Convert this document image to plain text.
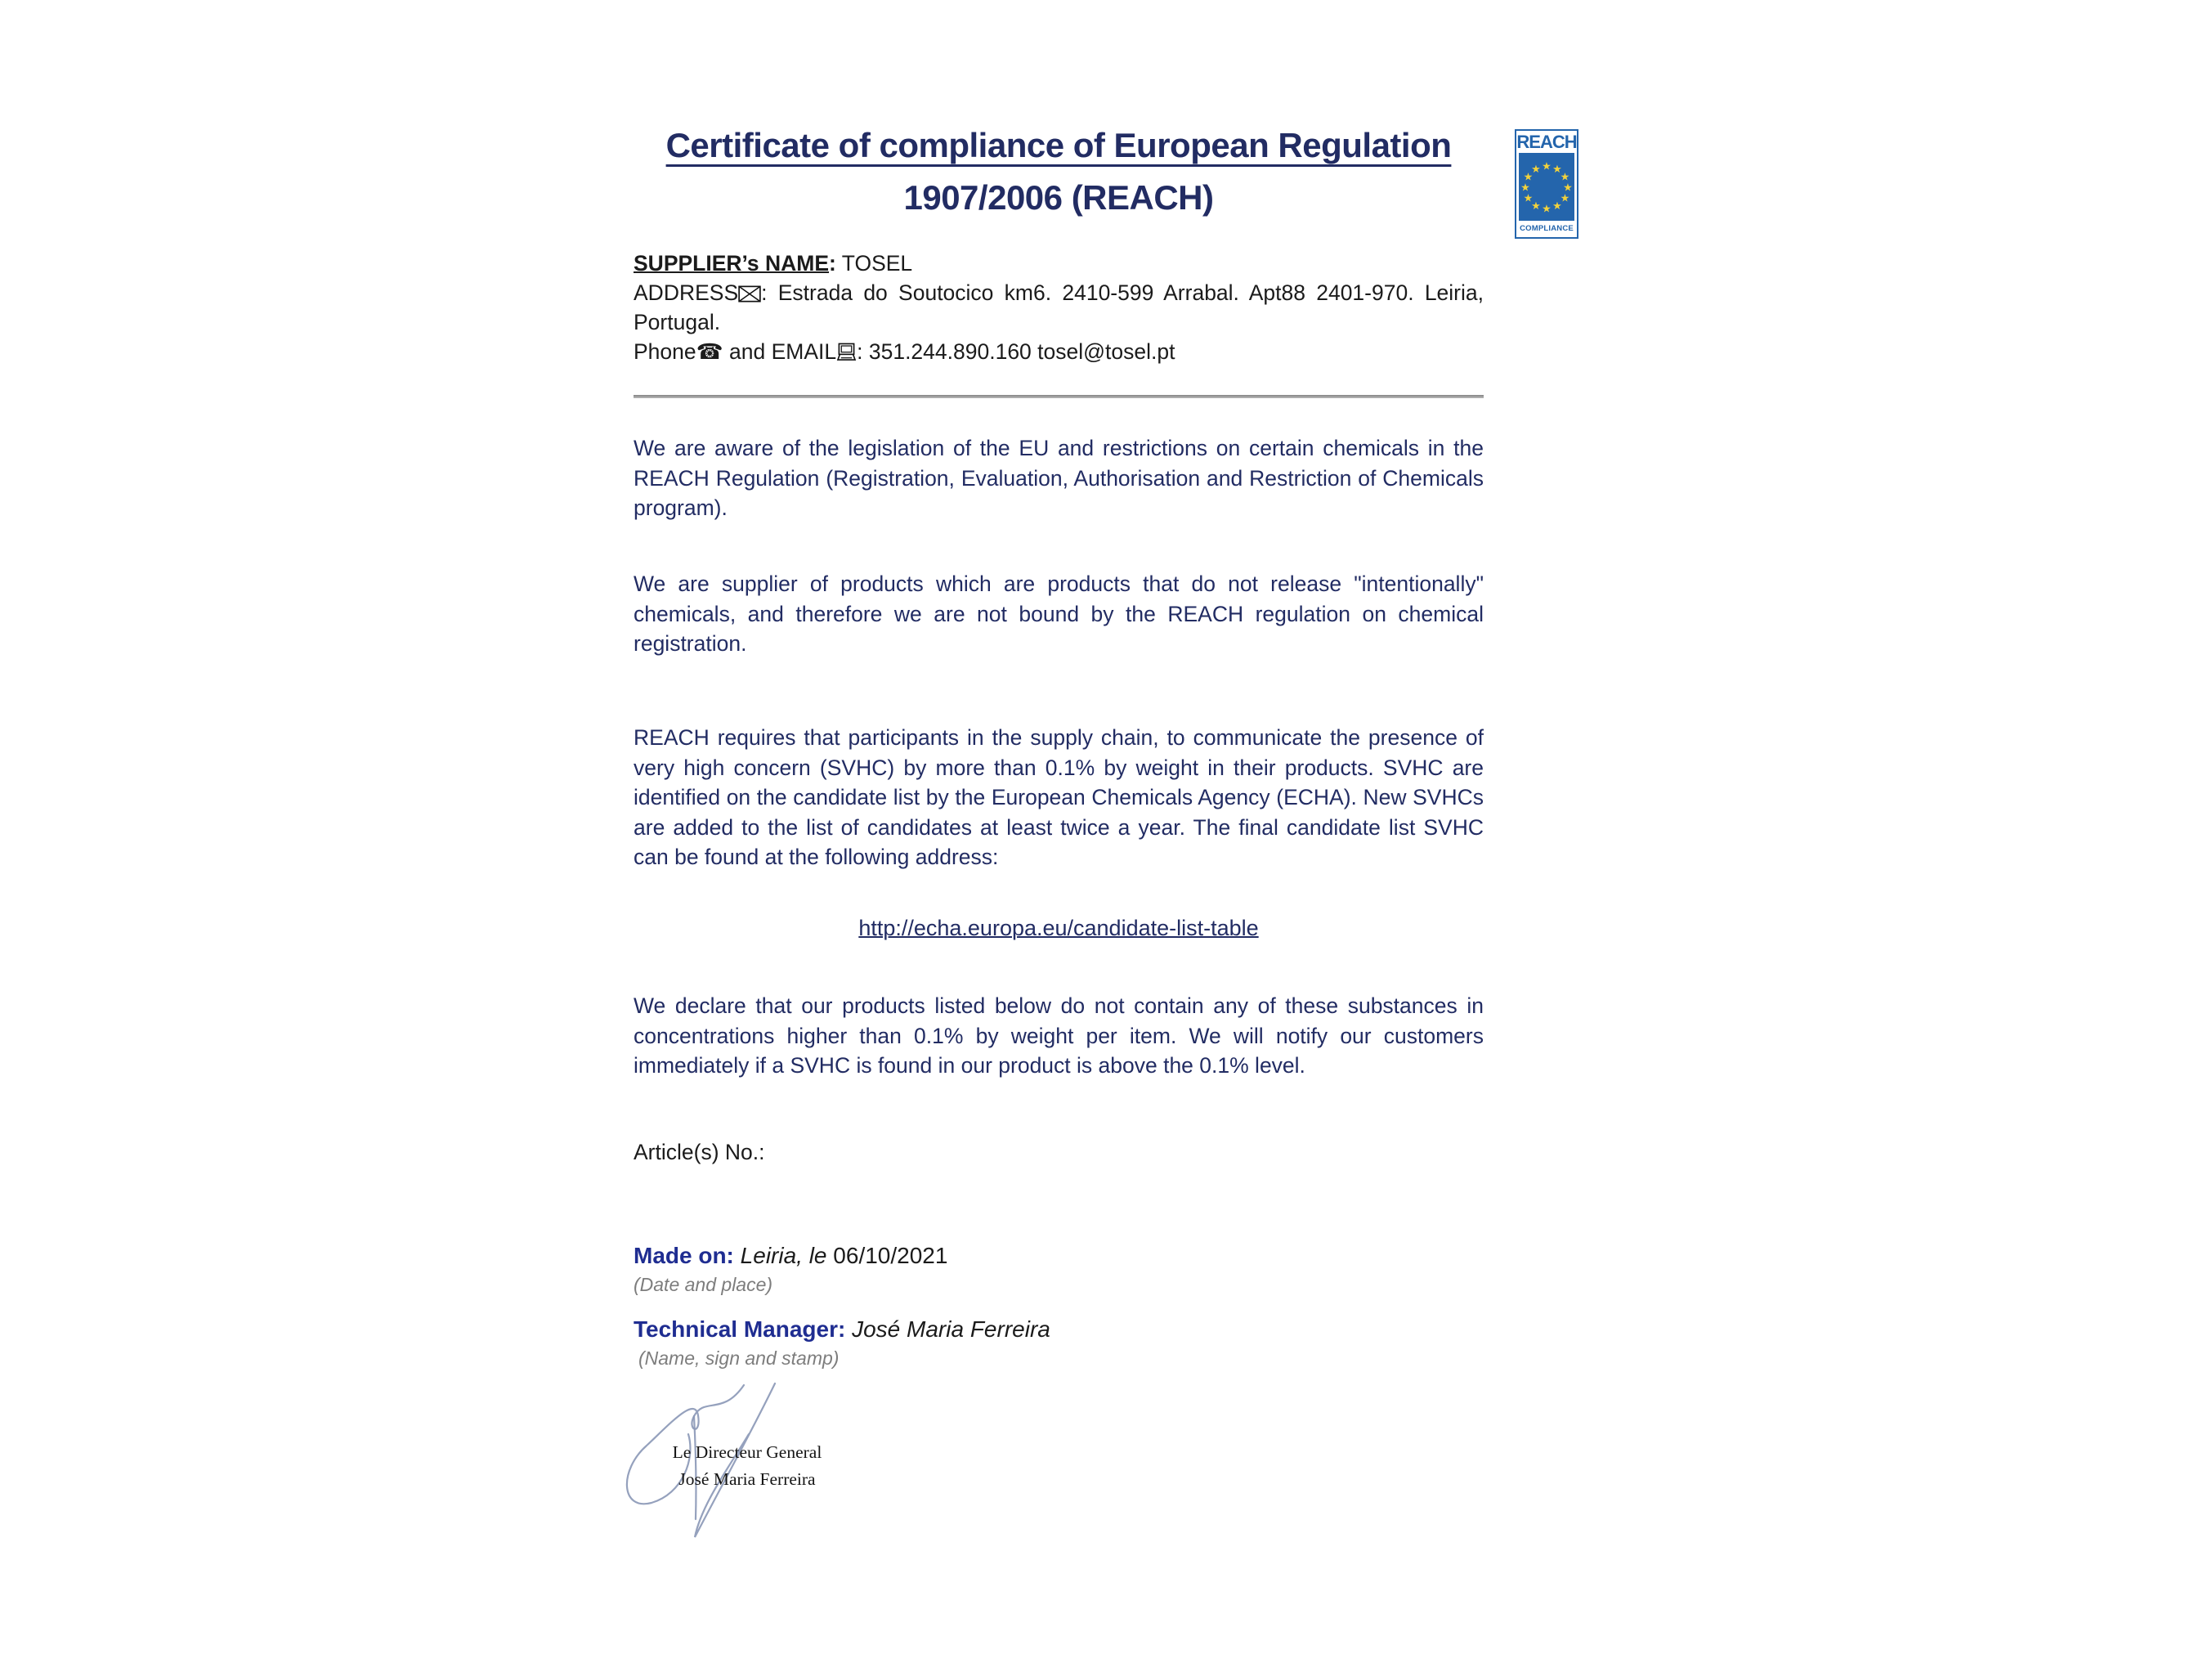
Certificate of compliance of European Regulation
1907/2006 (REACH)
REACH
★ ★
★
★
★
★
★
★
★
★
★
★
COMPLIANCE
SUPPLIER’s NAME: TOSEL
ADDRESS : Estrada do Soutocico km6. 2410-599 Arrabal. Apt88 2401-970. Leiria, Portugal.
Phone☎ and EMAIL : 351.244.890.160 tosel@tosel.pt
We are aware of the legislation of the EU and restrictions on certain chemicals in the REACH Regulation (Registration, Evaluation, Authorisation and Restriction of Chemicals program).
We are supplier of products which are products that do not release "intentionally" chemicals, and therefore we are not bound by the REACH regulation on chemical registration.
REACH requires that participants in the supply chain, to communicate the presence of very high concern (SVHC) by more than 0.1% by weight in their products. SVHC are identified on the candidate list by the European Chemicals Agency (ECHA). New SVHCs are added to the list of candidates at least twice a year. The final candidate list SVHC can be found at the following address:
http://echa.europa.eu/candidate-list-table
We declare that our products listed below do not contain any of these substances in concentrations higher than 0.1% by weight per item. We will notify our customers immediately if a SVHC is found in our product is above the 0.1% level.
Article(s) No.:
Made on: Leiria, le 06/10/2021
(Date and place)
Technical Manager: José Maria Ferreira
(Name, sign and stamp)
Le Directeur General
José Maria Ferreira
